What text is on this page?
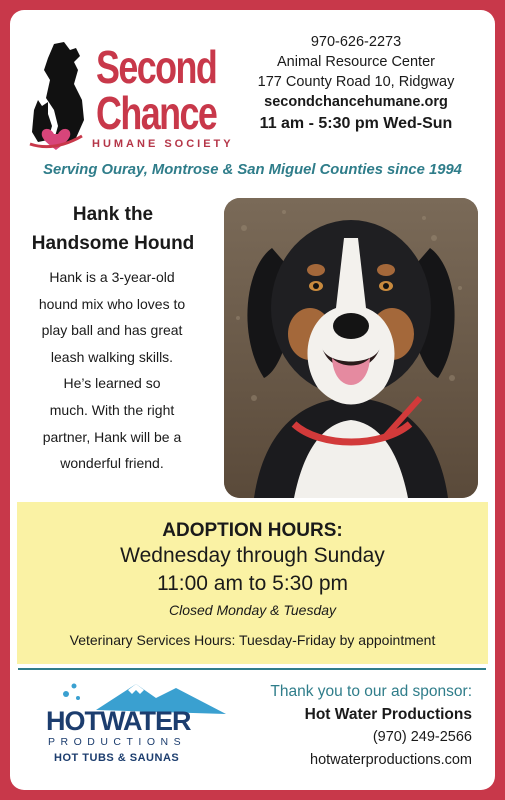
Second
Chance
HUMANE SOCIETY
970-626-2273
Animal Resource Center
177 County Road 10, Ridgway
secondchancehumane.org
11 am - 5:30 pm Wed-Sun
Serving Ouray, Montrose & San Miguel Counties since 1994
Hank the
Handsome Hound
Hank is a 3-year-old
hound mix who loves to
play ball and has great
leash walking skills.
He’s learned so
much. With the right
partner, Hank will be a
wonderful friend.
ADOPTION HOURS:
Wednesday through Sunday
11:00 am to 5:30 pm
Closed Monday & Tuesday
Veterinary Services Hours: Tuesday-Friday by appointment
HOTWATER
PRODUCTIONS
HOT TUBS & SAUNAS
Thank you to our ad sponsor:
Hot Water Productions
(970) 249-2566
hotwaterproductions.com
